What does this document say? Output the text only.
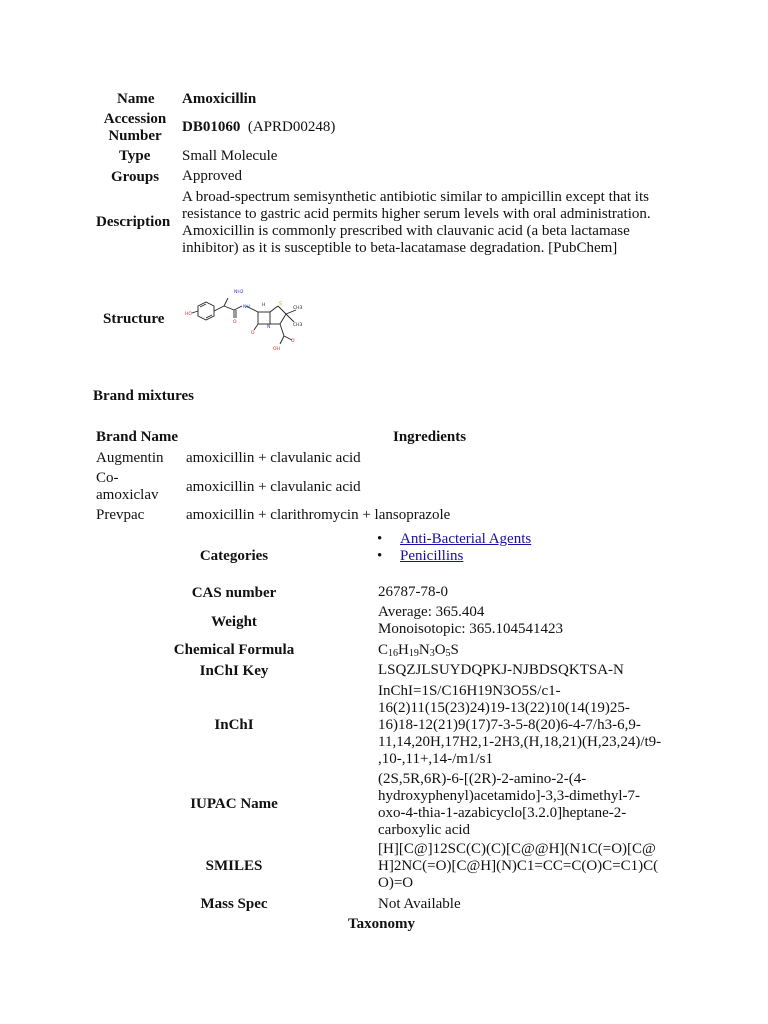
Name Amoxicillin
Accession
Number
DB01060 (APRD00248)
Type Small Molecule
Groups Approved
Description
A broad-spectrum semisynthetic antibiotic similar to ampicillin except that its
resistance to gastric acid permits higher serum levels with oral administration.
Amoxicillin is commonly prescribed with clauvanic acid (a beta lactamase
inhibitor) as it is susceptible to beta-lacatamase degradation. [PubChem]
Structure
NH2
HO
NH	H	S
O
N
O
CH3
CH3
O
OH
Brand mixtures
Brand Name	Ingredients
Augmentin amoxicillin + clavulanic acid
Co-
amoxiclav amoxicillin + clavulanic acid
Prevpac	amoxicillin + clarithromycin + lansoprazole
Categories
• Anti-Bacterial Agents
• Penicillins
CAS number	26787-78-0
Weight
Average: 365.404
Monoisotopic: 365.104541423
Chemical Formula	$C_{16}H_{19}N_3O_5S$
InChI Key	LSQZJLSUYDQPKJ-NJBDSQKTSA-N
InChI
InChI=1S/C16H19N3O5S/c1-
16(2)11(15(23)24)19-13(22)10(14(19)25-
16)18-12(21)9(17)7-3-5-8(20)6-4-7/h3-6,9-
11,14,20H,17H2,1-2H3,(H,18,21)(H,23,24)/t9-
,10-,11+,14-/m1/s1
IUPAC Name
(2S,5R,6R)-6-[(2R)-2-amino-2-(4-
hydroxyphenyl)acetamido]-3,3-dimethyl-7-
oxo-4-thia-1-azabicyclo[3.2.0]heptane-2-
carboxylic acid
SMILES
[H][C@]12SC(C)(C)[C@@H](N1C(=O)[C@
H]2NC(=O)[C@H](N)C1=CC=C(O)C=C1)C(
O)=O
Mass Spec	Not Available
Taxonomy
